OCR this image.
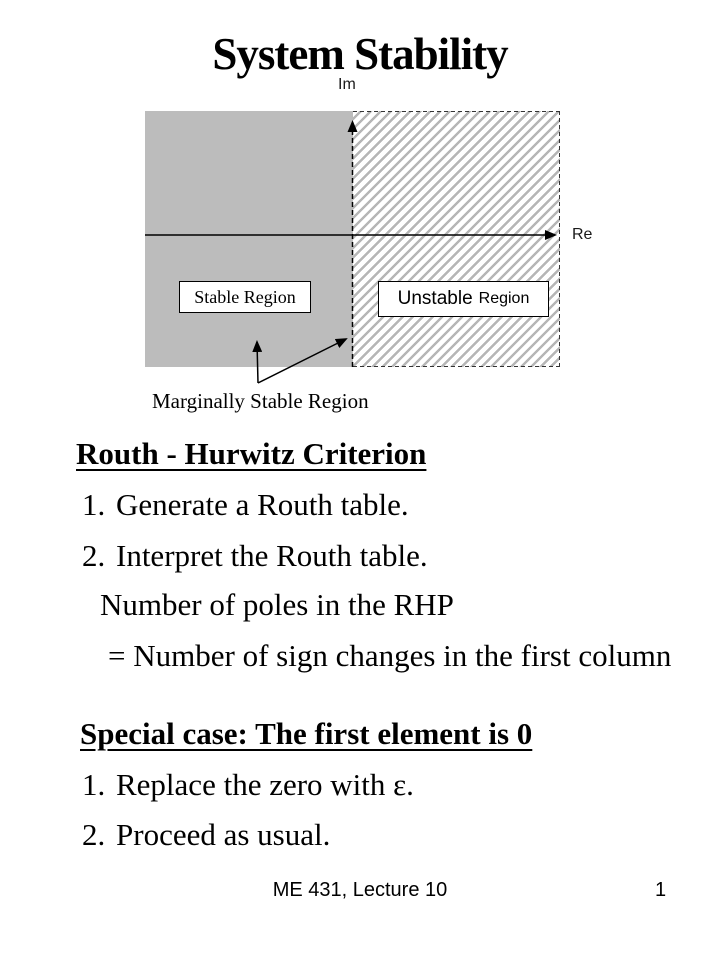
System Stability
Im
Re
Stable Region	Unstable Region
Marginally Stable Region
Routh - Hurwitz Criterion
1. Generate a Routh table.
2. Interpret the Routh table.
Number of poles in the RHP
= Number of sign changes in the first column
Special case: The first element is 0
1. Replace the zero with ε.
2. Proceed as usual.
ME 431, Lecture 10	1
